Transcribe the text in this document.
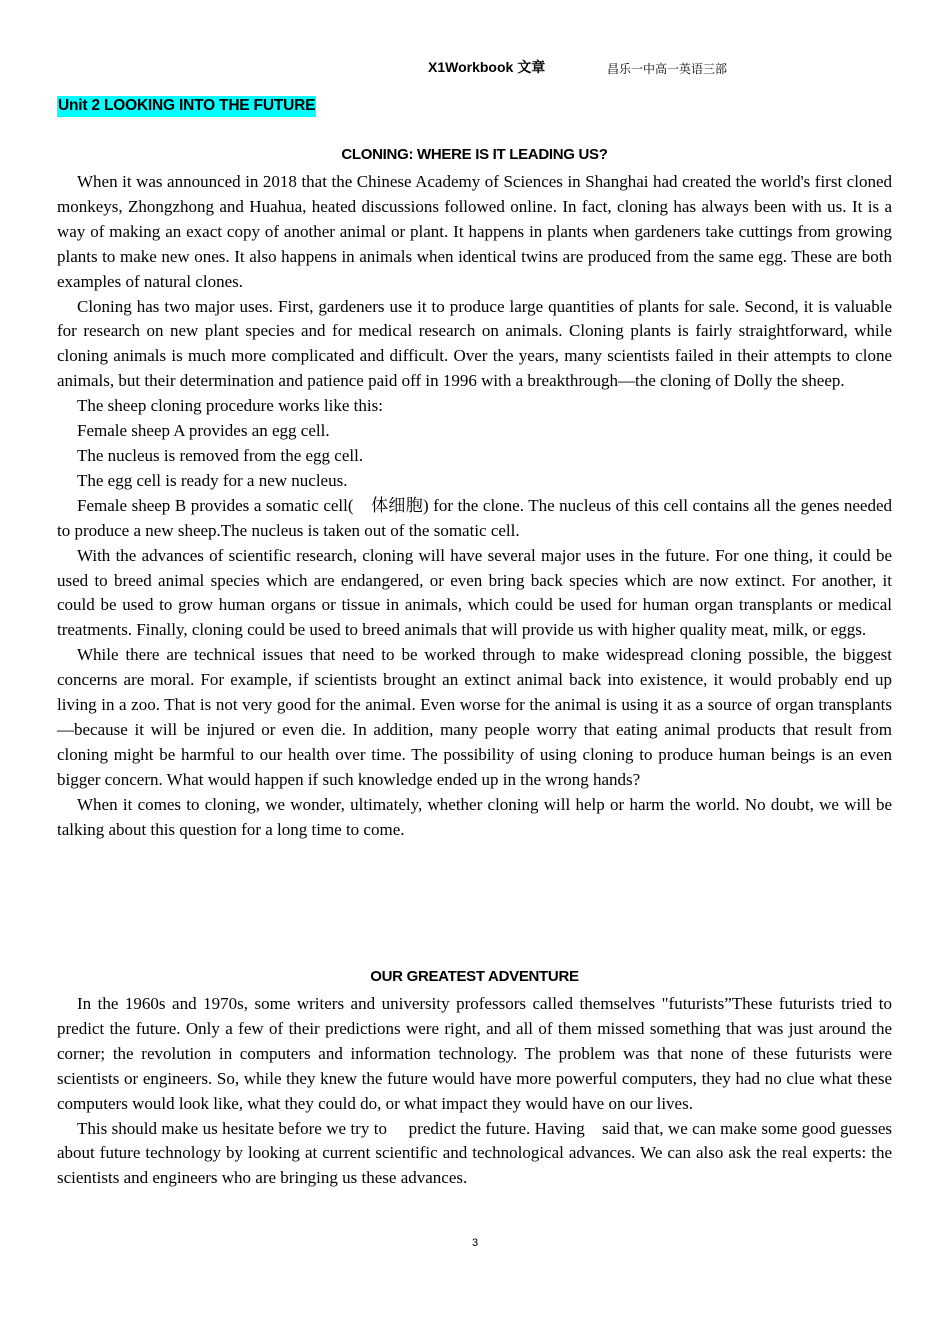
X1Workbook 文章	昌乐一中高一英语三部
Unit 2 LOOKING INTO THE FUTURE
CLONING: WHERE IS IT LEADING US?

When it was announced in 2018 that the Chinese Academy of Sciences in Shanghai had created the world's first cloned monkeys, Zhongzhong and Huahua, heated discussions followed online. In fact, cloning has always been with us. It is a way of making an exact copy of another animal or plant. It happens in plants when gardeners take cuttings from growing plants to make new ones. It also happens in animals when identical twins are produced from the same egg. These are both examples of natural clones.

Cloning has two major uses. First, gardeners use it to produce large quantities of plants for sale. Second, it is valuable for research on new plant species and for medical research on animals. Cloning plants is fairly straightforward, while cloning animals is much more complicated and difficult. Over the years, many scientists failed in their attempts to clone animals, but their determination and patience paid off in 1996 with a breakthrough—the cloning of Dolly the sheep.

The sheep cloning procedure works like this:

Female sheep A provides an egg cell.

The nucleus is removed from the egg cell.

The egg cell is ready for a new nucleus.

Female sheep B provides a somatic cell(　体细胞) for the clone. The nucleus of this cell contains all the genes needed to produce a new sheep.The nucleus is taken out of the somatic cell.

With the advances of scientific research, cloning will have several major uses in the future. For one thing, it could be used to breed animal species which are endangered, or even bring back species which are now extinct. For another, it could be used to grow human organs or tissue in animals, which could be used for human organ transplants or medical treatments. Finally, cloning could be used to breed animals that will provide us with higher quality meat, milk, or eggs.

While there are technical issues that need to be worked through to make widespread cloning possible, the biggest concerns are moral. For example, if scientists brought an extinct animal back into existence, it would probably end up living in a zoo. That is not very good for the animal. Even worse for the animal is using it as a source of organ transplants—because it will be injured or even die. In addition, many people worry that eating animal products that result from cloning might be harmful to our health over time. The possibility of using cloning to produce human beings is an even bigger concern. What would happen if such knowledge ended up in the wrong hands?

When it comes to cloning, we wonder, ultimately, whether cloning will help or harm the world. No doubt, we will be talking about this question for a long time to come.

OUR GREATEST ADVENTURE

In the 1960s and 1970s, some writers and university professors called themselves "futurists”These futurists tried to predict the future. Only a few of their predictions were right, and all of them missed something that was just around the corner; the revolution in computers and information technology. The problem was that none of these futurists were scientists or engineers. So, while they knew the future would have more powerful computers, they had no clue what these computers would look like, what they could do, or what impact they would have on our lives.

This should make us hesitate before we try to　 predict the future. Having　said that, we can make some good guesses about future technology by looking at current scientific and technological advances. We can also ask the real experts: the scientists and engineers who are bringing us these advances.

3
